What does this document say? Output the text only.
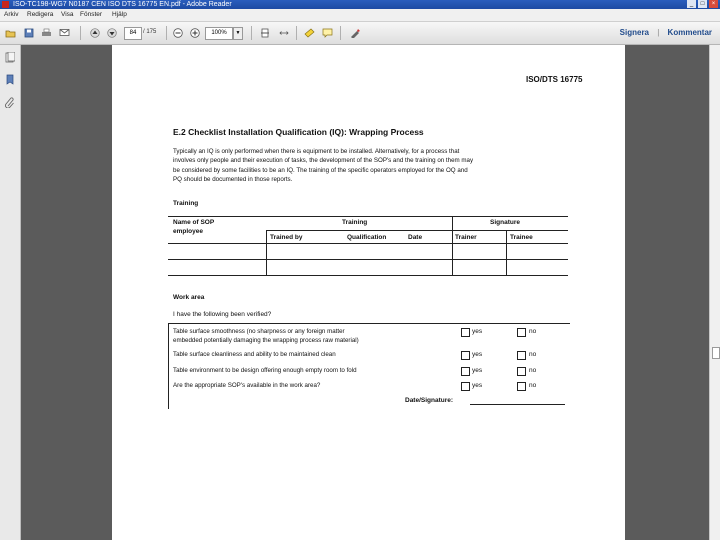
ISO-TC198-WG7 N0187 CEN ISO DTS 16775 EN.pdf - Adobe Reader	_	□	×
Arkiv Redigera Visa Fönster Hjälp
84	/ 175	100%	▼	Signera | Kommentar
ISO/DTS 16775
E.2 Checklist Installation Qualification (IQ): Wrapping Process
Typically an IQ is only performed when there is equipment to be installed. Alternatively, for a process that
involves only people and their execution of tasks, the development of the SOP's and the training on them may
be considered by some facilities to be an IQ. The training of the specific operators employed for the OQ and
PQ should be documented in those reports.
Training
Name of SOP
employee
Training	Signature
Trained by	Qualification	Date	Trainer	Trainee
Work area
I have the following been verified?
Table surface smoothness (no sharpness or any foreign matter
embedded potentially damaging the wrapping process raw material)
yes	no
Table surface cleanliness and ability to be maintained clean	yes	no
Table environment to be design offering enough empty room to fold	yes	no
Are the appropriate SOP's available in the work area?	yes	no
Date/Signature:
